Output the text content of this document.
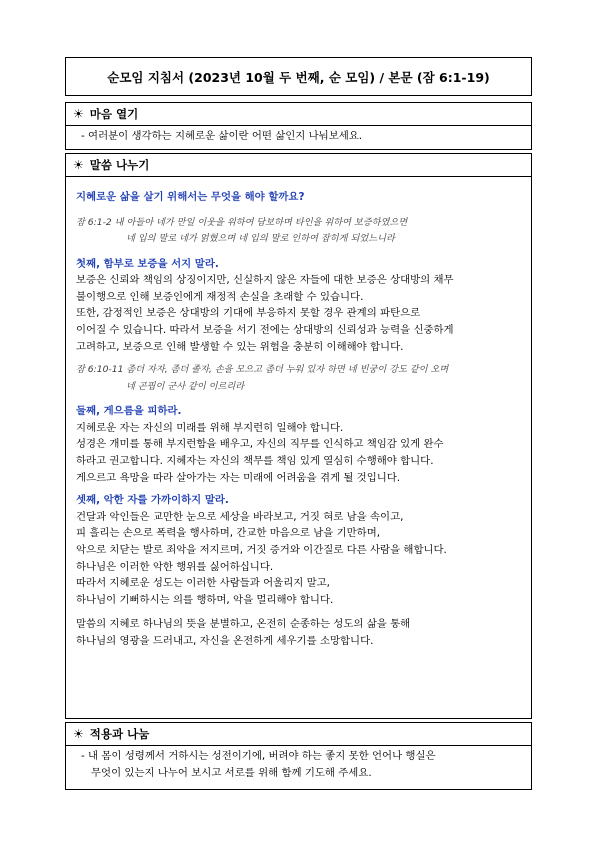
순모임 지침서 (2023년 10월 두 번째, 순 모임) / 본문 (잠 6:1-19)
☀ 마음 열기
- 여러분이 생각하는 지혜로운 삶이란 어떤 삶인지 나눠보세요.
☀ 말씀 나누기
지혜로운 삶을 살기 위해서는 무엇을 해야 할까요?
잠 6:1-2 내 아들아 네가 만일 이웃을 위하여 담보하며 타인을 위하여 보증하였으면
네 입의 말로 네가 얽혔으며 네 입의 말로 인하여 잡히게 되었느니라
첫째, 함부로 보증을 서지 말라.
보증은 신뢰와 책임의 상징이지만, 신실하지 않은 자들에 대한 보증은 상대방의 채무
불이행으로 인해 보증인에게 재정적 손실을 초래할 수 있습니다.
또한, 감정적인 보증은 상대방의 기대에 부응하지 못할 경우 관계의 파탄으로
이어질 수 있습니다. 따라서 보증을 서기 전에는 상대방의 신뢰성과 능력을 신중하게
고려하고, 보증으로 인해 발생할 수 있는 위험을 충분히 이해해야 합니다.
잠 6:10-11 좀더 자자, 좀더 졸자, 손을 모으고 좀더 누워 있자 하면 네 빈궁이 강도 같이 오며
네 곤핍이 군사 같이 이르리라
둘째, 게으름을 피하라.
지혜로운 자는 자신의 미래를 위해 부지런히 일해야 합니다.
성경은 개미를 통해 부지런함을 배우고, 자신의 직무를 인식하고 책임감 있게 완수
하라고 권고합니다. 지혜자는 자신의 책무를 책임 있게 열심히 수행해야 합니다.
게으르고 욕망을 따라 살아가는 자는 미래에 어려움을 겪게 될 것입니다.
셋째, 악한 자를 가까이하지 말라.
건달과 악인들은 교만한 눈으로 세상을 바라보고, 거짓 혀로 남을 속이고,
피 흘리는 손으로 폭력을 행사하며, 간교한 마음으로 남을 기만하며,
악으로 치닫는 발로 죄악을 저지르며, 거짓 증거와 이간질로 다른 사람을 해합니다.
하나님은 이러한 악한 행위를 싫어하십니다.
따라서 지혜로운 성도는 이러한 사람들과 어울리지 말고,
하나님이 기뻐하시는 의를 행하며, 악을 멀리해야 합니다.
말씀의 지혜로 하나님의 뜻을 분별하고, 온전히 순종하는 성도의 삶을 통해
하나님의 영광을 드러내고, 자신을 온전하게 세우기를 소망합니다.
☀ 적용과 나눔
- 내 몸이 성령께서 거하시는 성전이기에, 버려야 하는 좋지 못한 언어나 행실은
무엇이 있는지 나누어 보시고 서로를 위해 함께 기도해 주세요.
